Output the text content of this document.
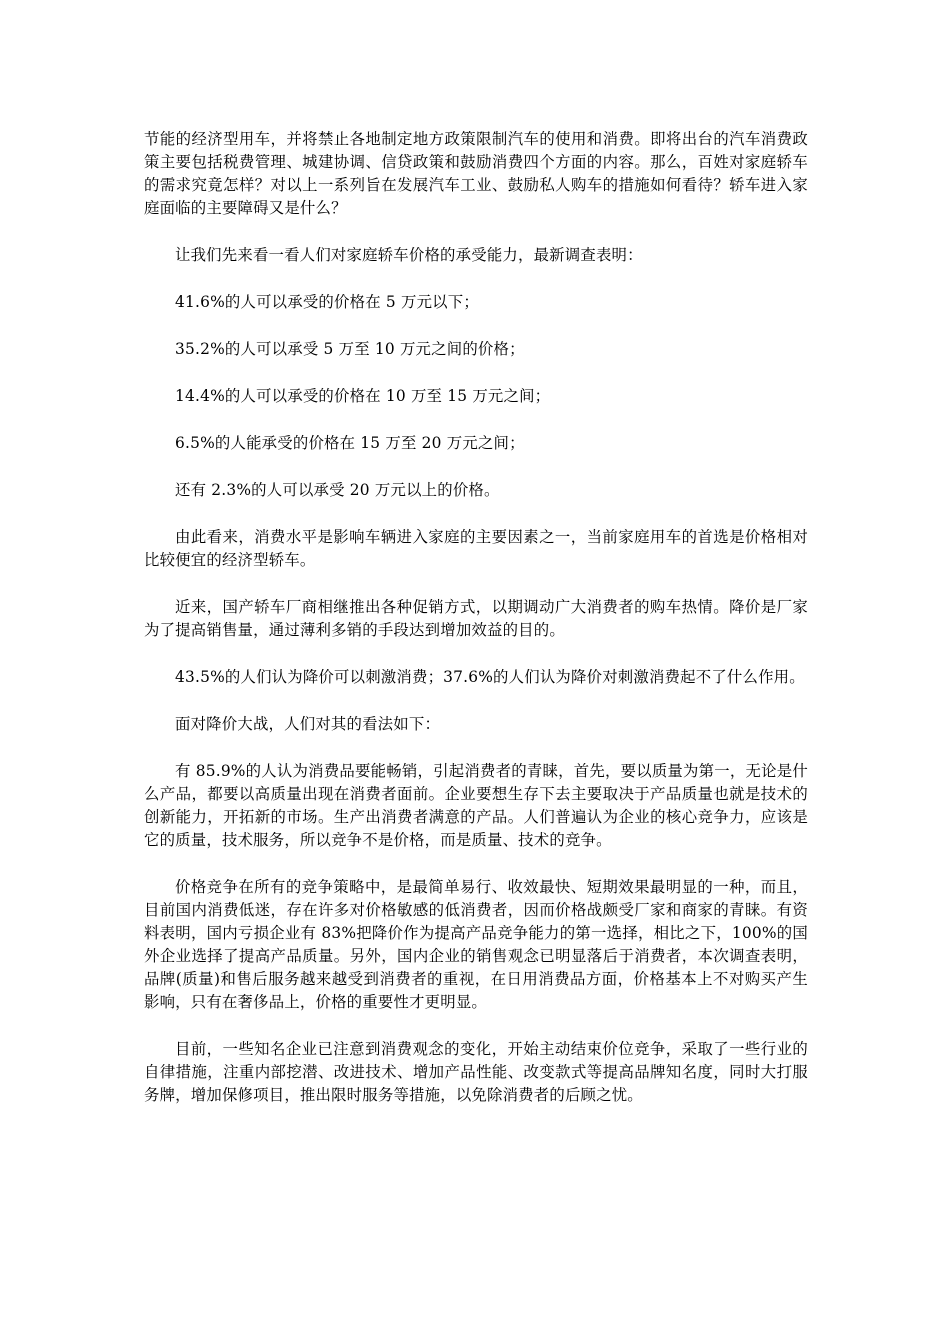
节能的经济型用车，并将禁止各地制定地方政策限制汽车的使用和消费。即将出台的汽车消费政策主要包括税费管理、城建协调、信贷政策和鼓励消费四个方面的内容。那么，百姓对家庭轿车的需求究竟怎样？对以上一系列旨在发展汽车工业、鼓励私人购车的措施如何看待？轿车进入家庭面临的主要障碍又是什么？

让我们先来看一看人们对家庭轿车价格的承受能力，最新调查表明：

41.6%的人可以承受的价格在 5 万元以下；

35.2%的人可以承受 5 万至 10 万元之间的价格；

14.4%的人可以承受的价格在 10 万至 15 万元之间；

6.5%的人能承受的价格在 15 万至 20 万元之间；

还有 2.3%的人可以承受 20 万元以上的价格。

由此看来，消费水平是影响车辆进入家庭的主要因素之一，当前家庭用车的首选是价格相对比较便宜的经济型轿车。

近来，国产轿车厂商相继推出各种促销方式，以期调动广大消费者的购车热情。降价是厂家为了提高销售量，通过薄利多销的手段达到增加效益的目的。

43.5%的人们认为降价可以刺激消费；37.6%的人们认为降价对刺激消费起不了什么作用。

面对降价大战，人们对其的看法如下：

有 85.9%的人认为消费品要能畅销，引起消费者的青睐，首先，要以质量为第一，无论是什么产品，都要以高质量出现在消费者面前。企业要想生存下去主要取决于产品质量也就是技术的创新能力，开拓新的市场。生产出消费者满意的产品。人们普遍认为企业的核心竞争力，应该是它的质量，技术服务，所以竞争不是价格，而是质量、技术的竞争。

价格竞争在所有的竞争策略中，是最简单易行、收效最快、短期效果最明显的一种，而且，目前国内消费低迷，存在许多对价格敏感的低消费者，因而价格战颇受厂家和商家的青睐。有资料表明，国内亏损企业有 83%把降价作为提高产品竞争能力的第一选择，相比之下，100%的国外企业选择了提高产品质量。另外，国内企业的销售观念已明显落后于消费者，本次调查表明，品牌(质量)和售后服务越来越受到消费者的重视，在日用消费品方面，价格基本上不对购买产生影响，只有在奢侈品上，价格的重要性才更明显。

目前，一些知名企业已注意到消费观念的变化，开始主动结束价位竞争，采取了一些行业的自律措施，注重内部挖潜、改进技术、增加产品性能、改变款式等提高品牌知名度，同时大打服务牌，增加保修项目，推出限时服务等措施，以免除消费者的后顾之忧。
